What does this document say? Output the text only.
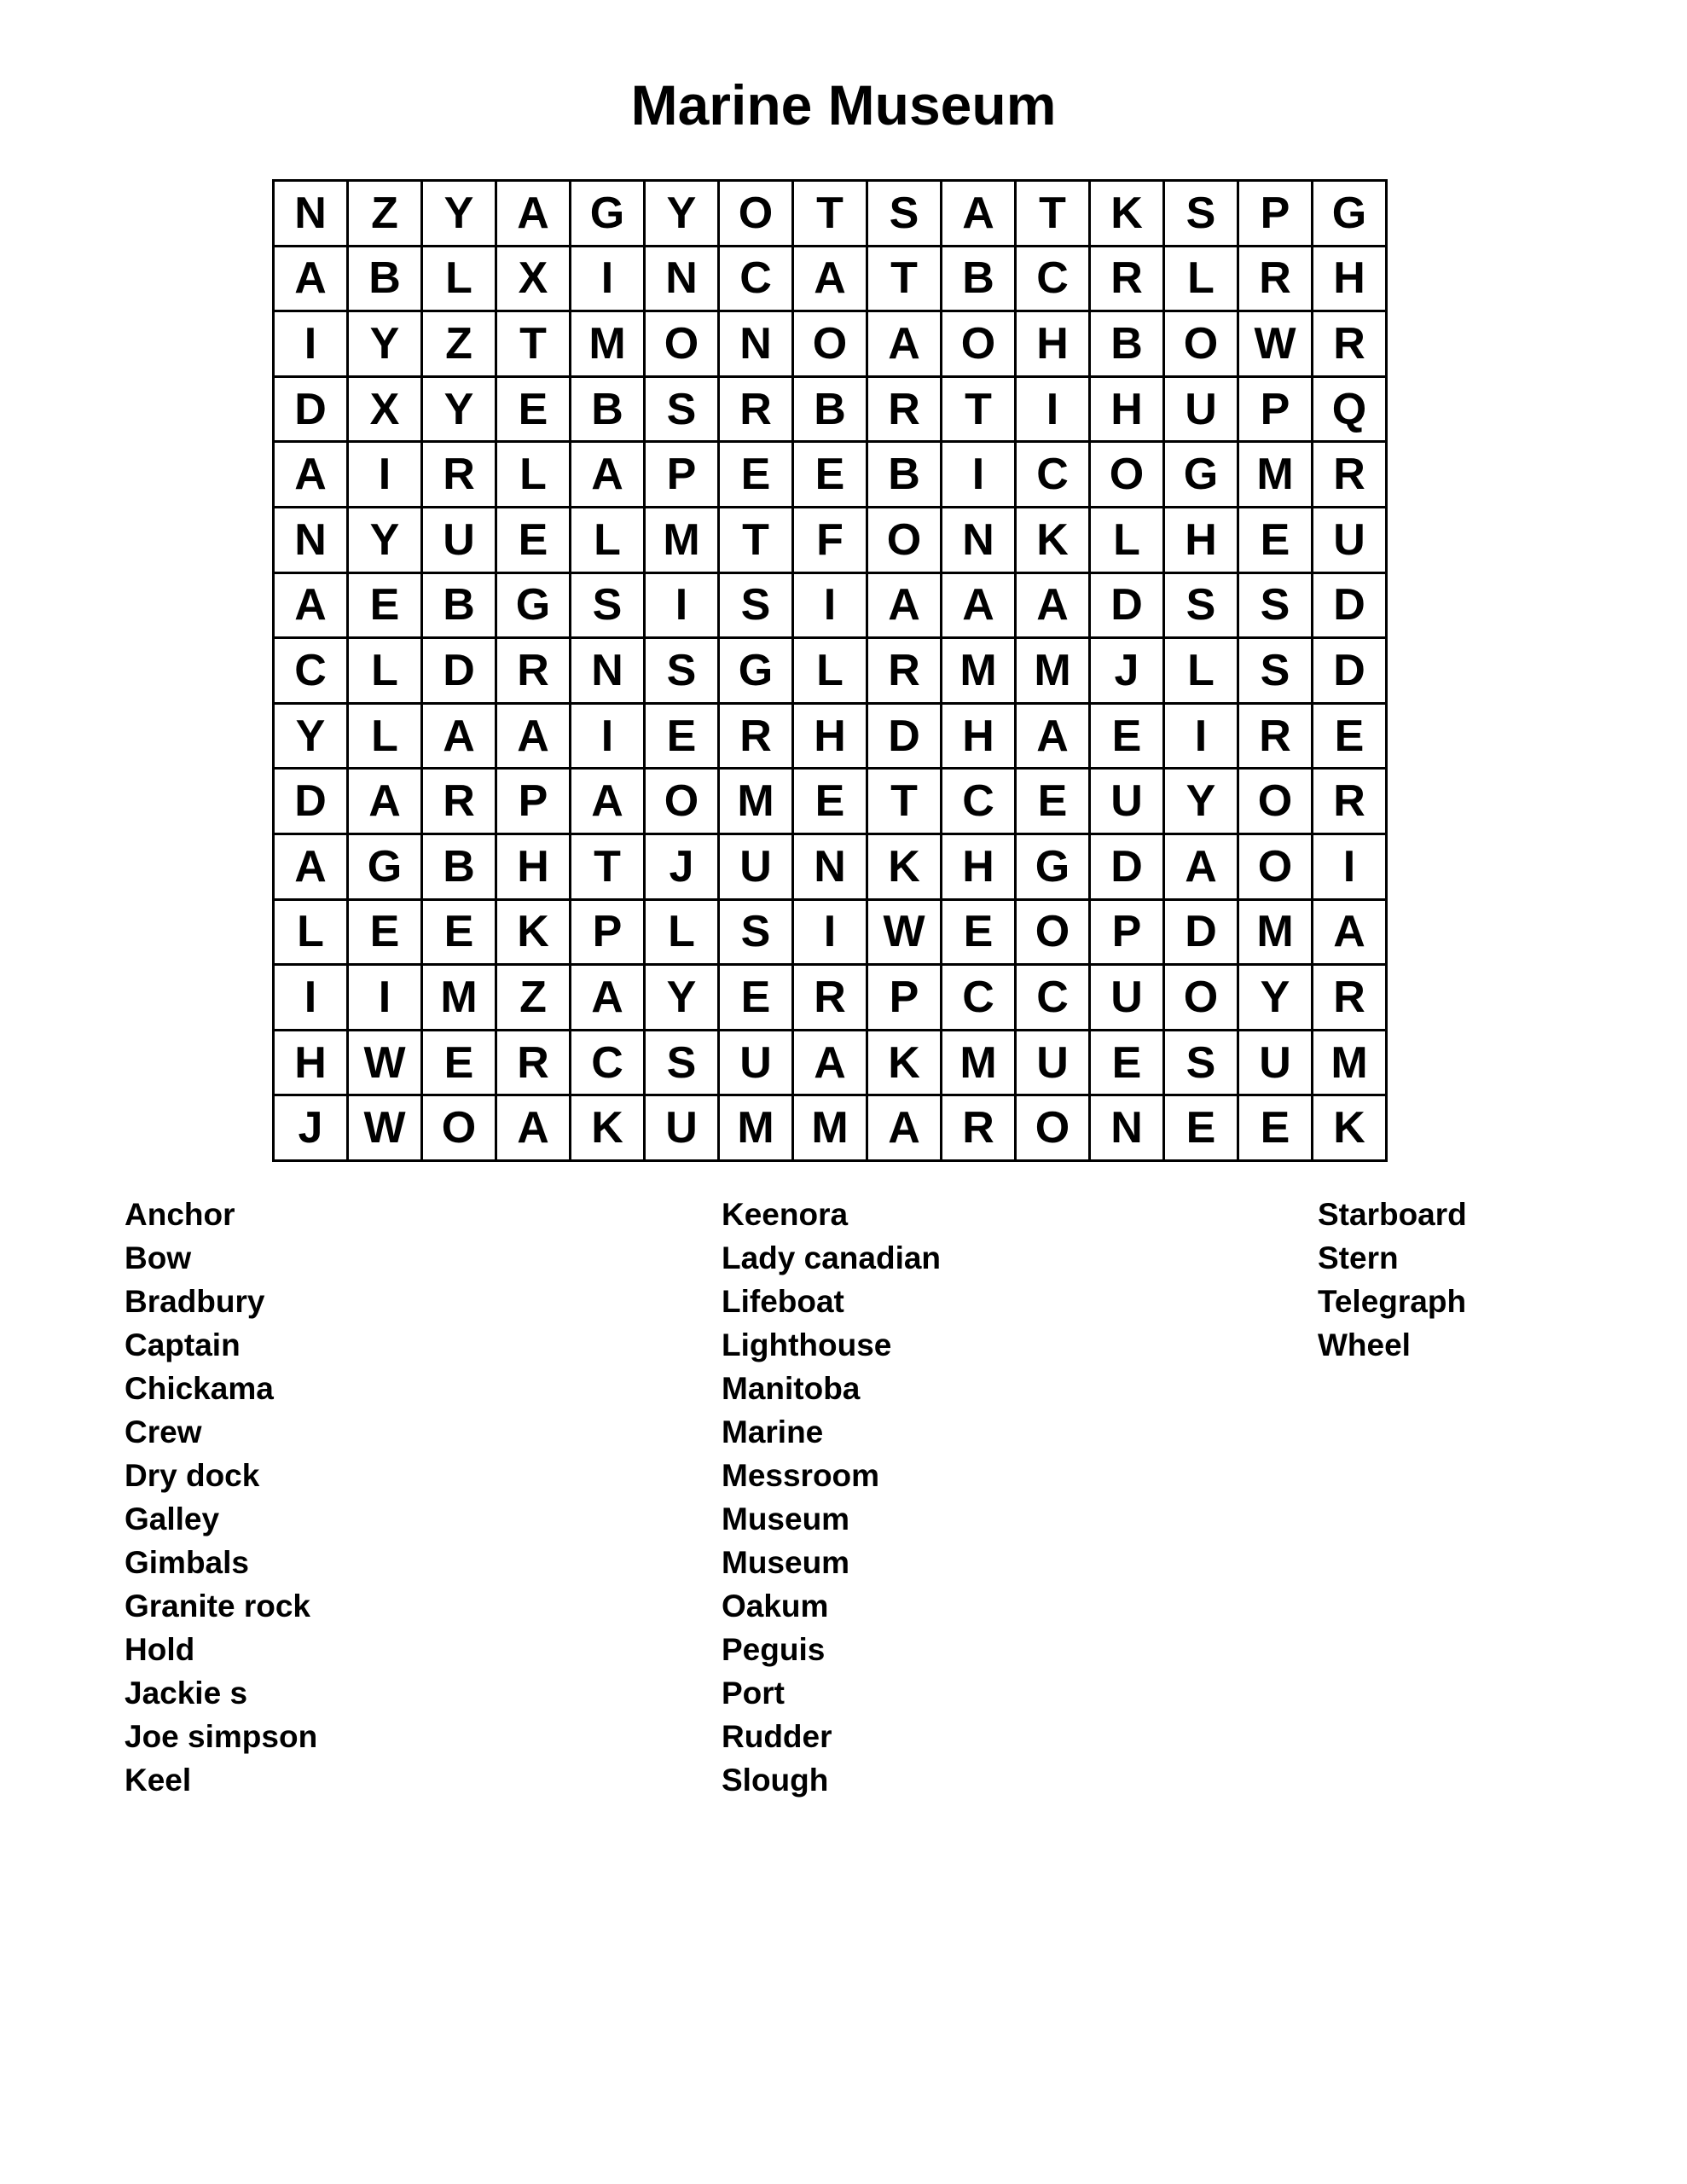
Marine Museum
N	Z	Y A G Y O T	S A	T	K S	P G
A B	L	X	I	N C A	T	B C R	L	R H
I	Y	Z	T M O N O A O H B O W R
D X	Y	E B S R B R	T	I	H U P Q
A	I	R	L	A P	E	E B	I	C O G M R
N Y U E	L M T	F O N K	L	H E U
A E B G S	I	S	I	A A A D S	S D
C	L	D R N S G L	R M M J	L	S D
Y	L	A A	I	E R H D H A E	I	R E
D A R P A O M E	T	C E U Y O R
A G B H	T	J	U N K H G D A O	I
L	E	E K P	L	S	I	W E O P D M A
I	I	M Z	A Y	E R P C C U O Y R
H W E R C S U A K M U E	S U M
J W O A K U M M A R O N E	E K
Anchor
Bow
Bradbury
Captain
Chickama
Crew
Dry dock
Galley
Gimbals
Granite rock
Hold
Jackie s
Joe simpson
Keel
Keenora
Lady canadian
Lifeboat
Lighthouse
Manitoba
Marine
Messroom
Museum
Museum
Oakum
Peguis
Port
Rudder
Slough
Starboard
Stern
Telegraph
Wheel
